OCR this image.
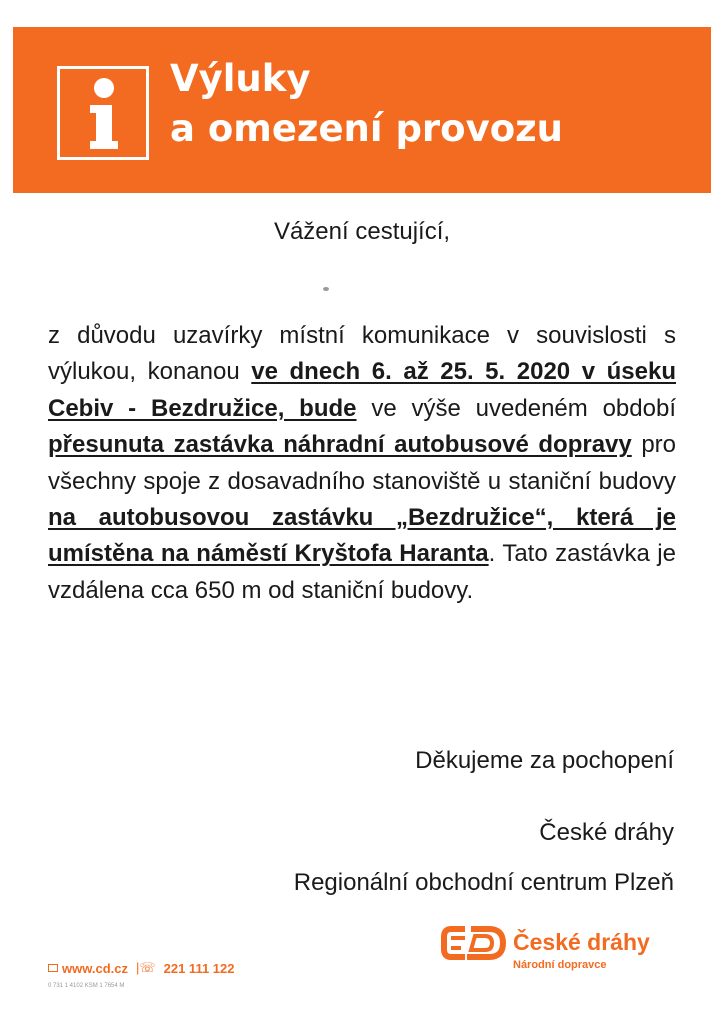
Výluky
a omezení provozu
Vážení cestující,
z důvodu uzavírky místní komunikace v souvislosti s výlukou, konanou ve dnech 6. až 25. 5. 2020 v úseku Cebiv - Bezdružice, bude ve výše uvedeném období přesunuta zastávka náhradní autobusové dopravy pro všechny spoje z dosavadního stanoviště u staniční budovy na autobusovou zastávku „Bezdružice“, která je umístěna na náměstí Kryštofa Haranta. Tato zastávka je vzdálena cca 650 m od staniční budovy.
Děkujeme za pochopení
České dráhy
Regionální obchodní centrum Plzeň
České dráhy
Národní dopravce
www.cd.cz |☏ 221 111 122
0 731 1 4102 KSM 1 7654 M
